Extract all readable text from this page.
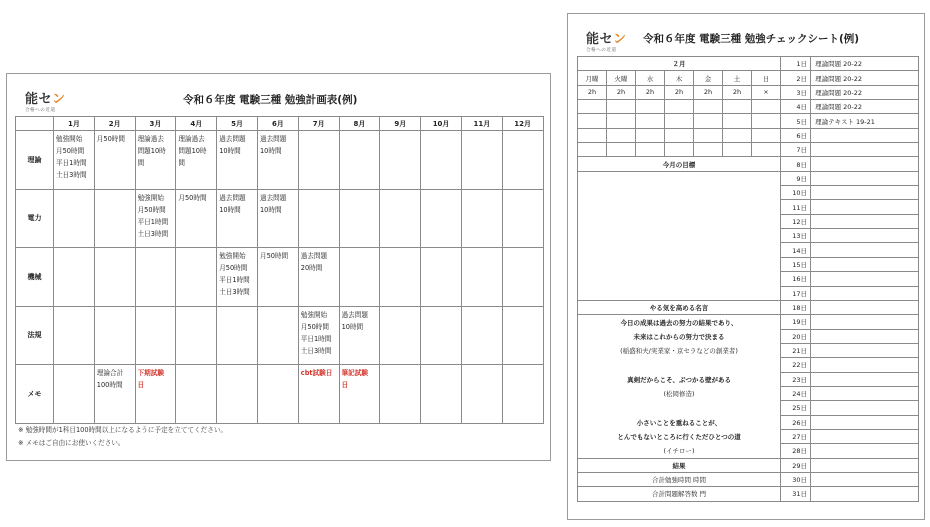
能セン
合格への近道
令和６年度 電験三種 勉強計画表(例)
	1月	2月	3月	4月	5月	6月	7月	8月	9月	10月	11月	12月
理論	勉強開始
月50時間
平日1時間
土日3時間	月50時間	理論過去
問題10時
間	理論過去
問題10時
間	過去問題
10時間	過去問題
10時間						

電力			勉強開始
月50時間
平日1時間
土日3時間	月50時間	過去問題
10時間	過去問題
10時間						

機械					勉強開始
月50時間
平日1時間
土日3時間	月50時間	過去問題
20時間					

法規							勉強開始
月50時間
平日1時間
土日3時間	過去問題
10時間				

メモ		理論合計
100時間	下期試験
日				cbt試験日	筆記試験
日				

※ 勉強時間が1科目100時間以上になるように予定を立ててください。
※ メモはご自由にお使いください。
能セン
合格への近道
令和６年度 電験三種 勉強チェックシート(例)
２月							1日	理論問題 20-22
月曜	火曜	水	木	金	土	日	2日	理論問題 20-22
2h	2h	2h	2h	2h	2h	×	3日	理論問題 20-22
							4日	理論問題 20-22
							5日	理論テキスト 19-21
							6日	
							7日	
今月の目標							8日	
							9日	
							10日	
							11日	
							12日	
							13日	
							14日	
							15日	
							16日	
							17日	
やる気を高める名言							18日	
今日の成果は過去の努力の結果であり、							19日	
未来はこれからの努力で決まる							20日	
(稲盛和夫/実業家・京セラなどの創業者)							21日	
							22日	
真剣だからこそ、ぶつかる壁がある							23日	
(松岡修造)							24日	
							25日	
小さいことを重ねることが、							26日	
とんでもないところに行くただひとつの道							27日	
(イチロー)							28日	
結果							29日	
合計勉強時間 時間							30日	
合計問題解答数 門							31日	
